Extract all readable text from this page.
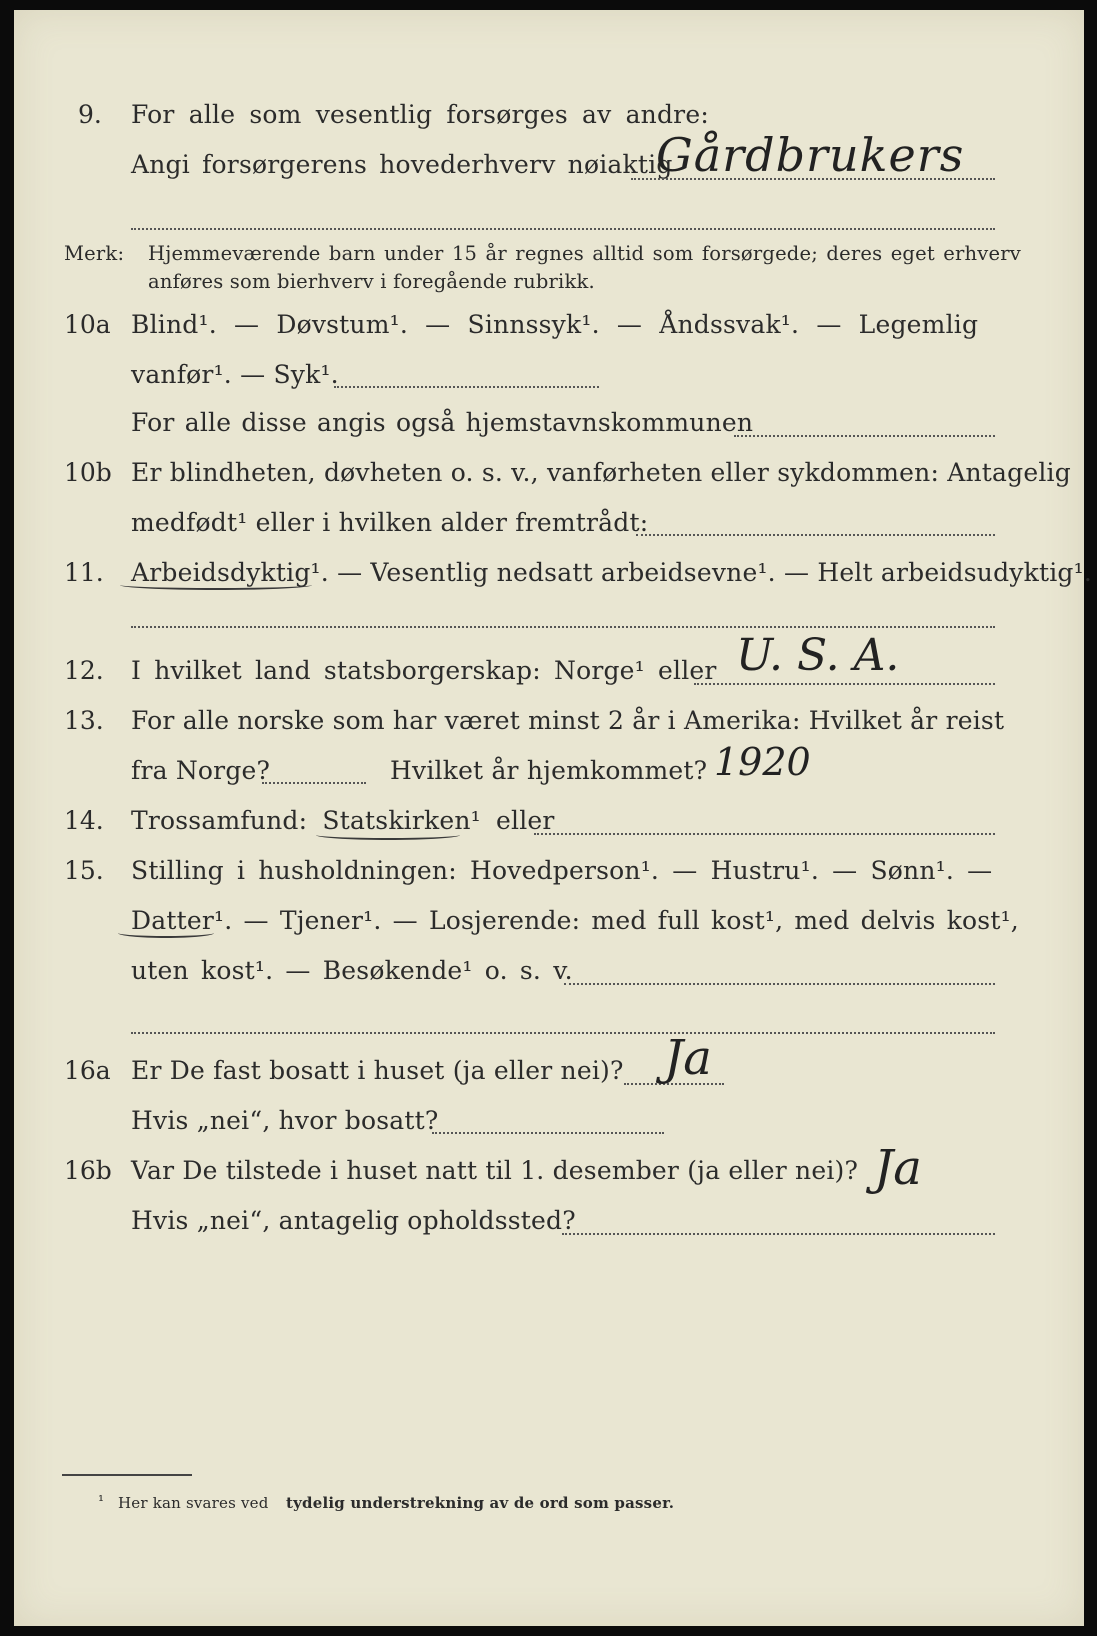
9. For alle som vesentlig forsørges av andre:
Angi forsørgerens hovederhverv nøiaktig
Gårdbrukers
Merk: Hjemmeværende barn under 15 år regnes alltid som forsørgede; deres eget erhverv
anføres som bierhverv i foregående rubrikk.
10a Blind¹. — Døvstum¹. — Sinnssyk¹. — Åndssvak¹. — Legemlig
vanfør¹. — Syk¹.
For alle disse angis også hjemstavnskommunen
10b Er blindheten, døvheten o. s. v., vanførheten eller sykdommen: Antagelig
medfødt¹ eller i hvilken alder fremtrådt:
11. Arbeidsdyktig¹. — Vesentlig nedsatt arbeidsevne¹. — Helt arbeidsudyktig¹.
12. I hvilket land statsborgerskap: Norge¹ eller U. S. A.
13. For alle norske som har været minst 2 år i Amerika: Hvilket år reist
fra Norge?	Hvilket år hjemkommet? 1920
14. Trossamfund: Statskirken¹ eller
15. Stilling i husholdningen: Hovedperson¹. — Hustru¹. — Sønn¹. —
Datter¹. — Tjener¹. — Losjerende: med full kost¹, med delvis kost¹,
uten kost¹. — Besøkende¹ o. s. v.
16a Er De fast bosatt i huset (ja eller nei)? Ja
Hvis „nei“, hvor bosatt?
16b Var De tilstede i huset natt til 1. desember (ja eller nei)? Ja
Hvis „nei“, antagelig opholdssted?
¹ Her kan svares ved tydelig understrekning av de ord som passer.
